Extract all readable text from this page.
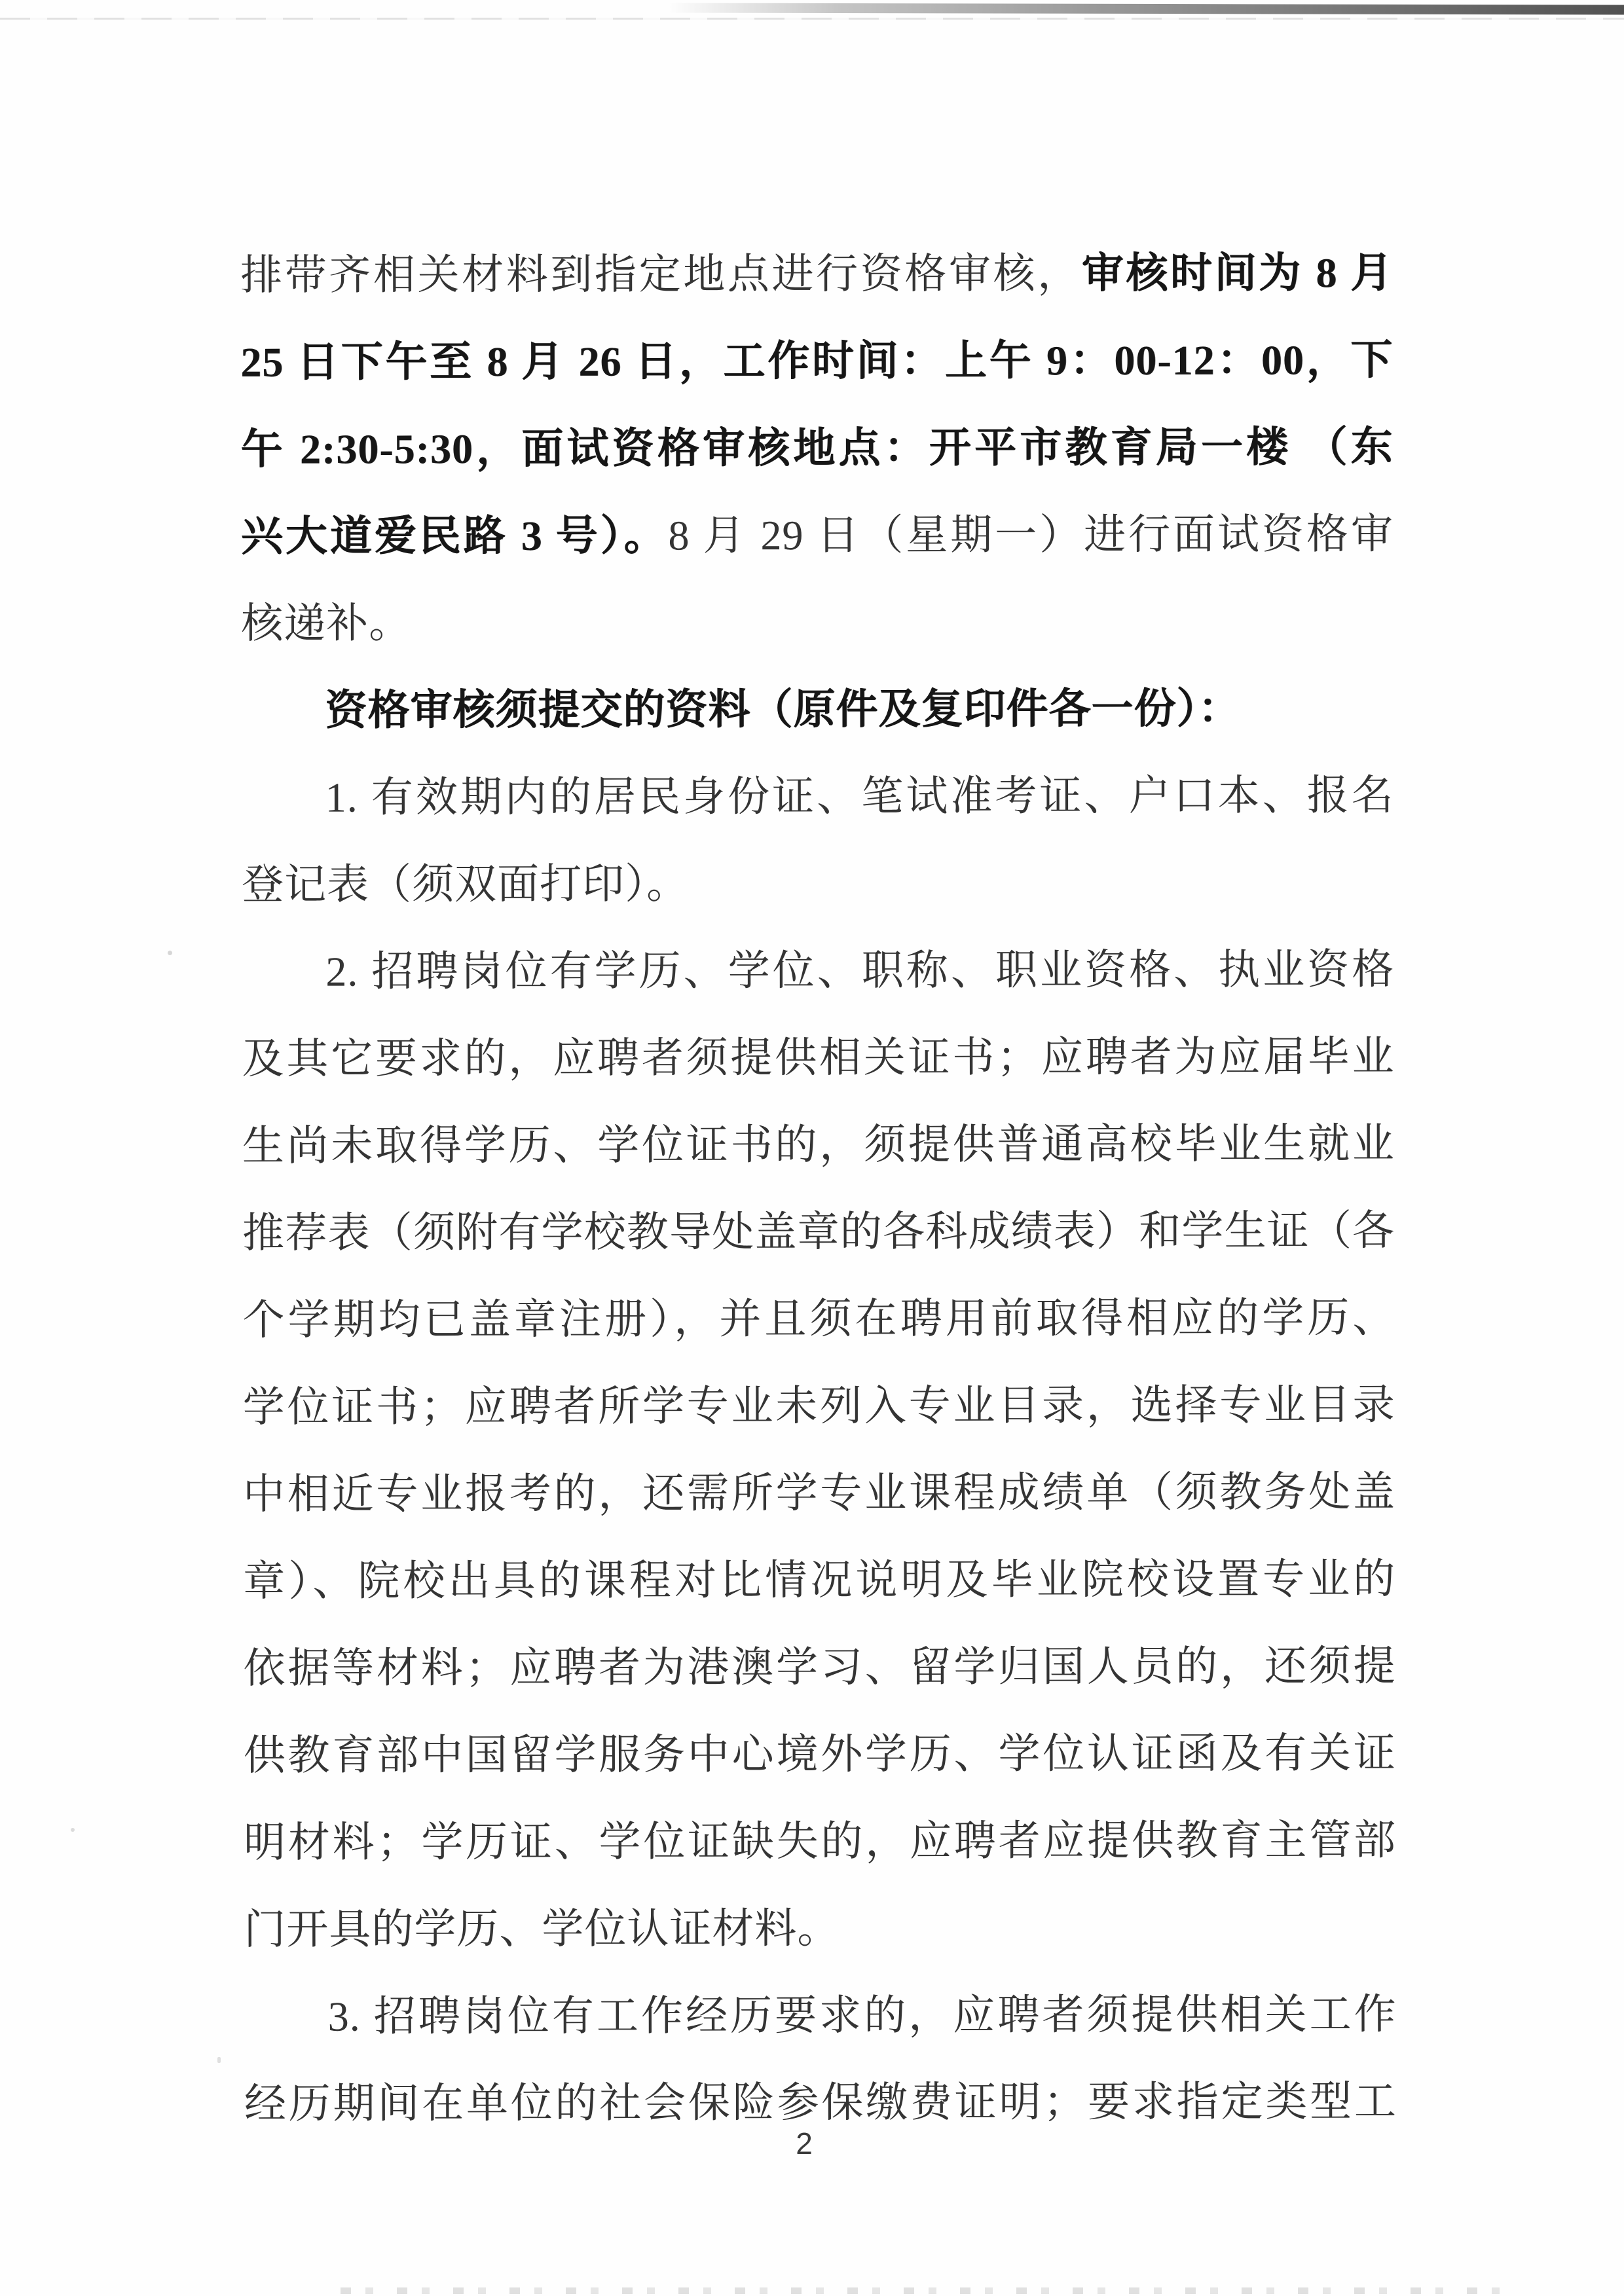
排带齐相关材料到指定地点进行资格审核，审核时间为 8 月
25 日下午至 8 月 26 日，工作时间：上午 9：00-12：00，下
午 2:30-5:30，面试资格审核地点：开平市教育局一楼 （东
兴大道爱民路 3 号）。8 月 29 日（星期一）进行面试资格审
核递补。
资格审核须提交的资料（原件及复印件各一份）：
1. 有效期内的居民身份证、笔试准考证、户口本、报名
登记表（须双面打印）。
2. 招聘岗位有学历、学位、职称、职业资格、执业资格
及其它要求的，应聘者须提供相关证书；应聘者为应届毕业
生尚未取得学历、学位证书的，须提供普通高校毕业生就业
推荐表（须附有学校教导处盖章的各科成绩表）和学生证（各
个学期均已盖章注册），并且须在聘用前取得相应的学历、
学位证书；应聘者所学专业未列入专业目录，选择专业目录
中相近专业报考的，还需所学专业课程成绩单（须教务处盖
章）、院校出具的课程对比情况说明及毕业院校设置专业的
依据等材料；应聘者为港澳学习、留学归国人员的，还须提
供教育部中国留学服务中心境外学历、学位认证函及有关证
明材料；学历证、学位证缺失的，应聘者应提供教育主管部
门开具的学历、学位认证材料。
3. 招聘岗位有工作经历要求的，应聘者须提供相关工作
经历期间在单位的社会保险参保缴费证明；要求指定类型工
2
